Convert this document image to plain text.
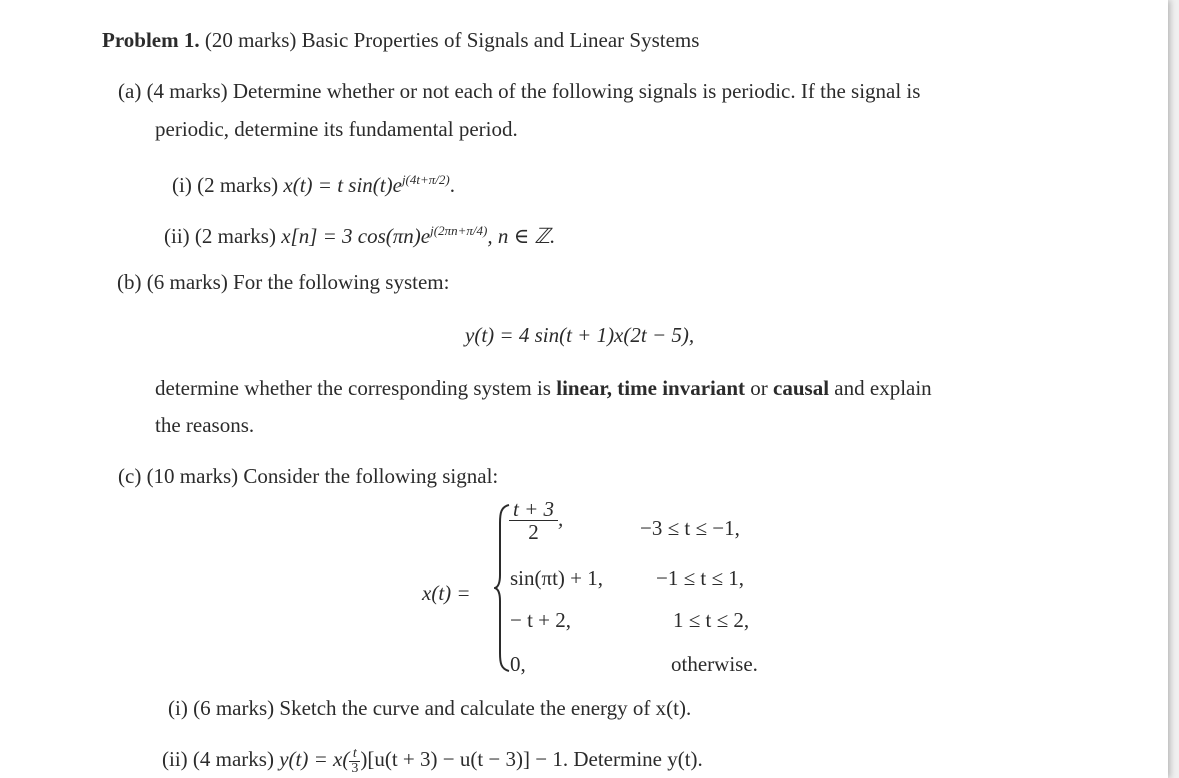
Problem 1. (20 marks) Basic Properties of Signals and Linear Systems
(a) (4 marks) Determine whether or not each of the following signals is periodic. If the signal is
periodic, determine its fundamental period.
(i) (2 marks) x(t) = t $\sin(t)e^{j(4t+\pi/2)}$.
(ii) (2 marks) x[n] = 3 $\cos(\pi n)e^{j(2\pi n+\pi/4)}$, n ∈ ℤ.
(b) (6 marks) For the following system:
y(t) = 4 sin(t + 1)x(2t − 5),
determine whether the corresponding system is linear, time invariant or causal and explain
the reasons.
(c) (10 marks) Consider the following signal:
x(t) =
$\frac{t + 3}{2}$ ,	−3 ≤ t ≤ −1,
sin(πt) + 1,	−1 ≤ t ≤ 1,
− t + 2,	1 ≤ t ≤ 2,
0,	otherwise.
(i) (6 marks) Sketch the curve and calculate the energy of x(t).
(ii) (4 marks) $y(t) = x( \frac{t}{3} )[u(t + 3) - u(t - 3)] - 1$. Determine y(t).
